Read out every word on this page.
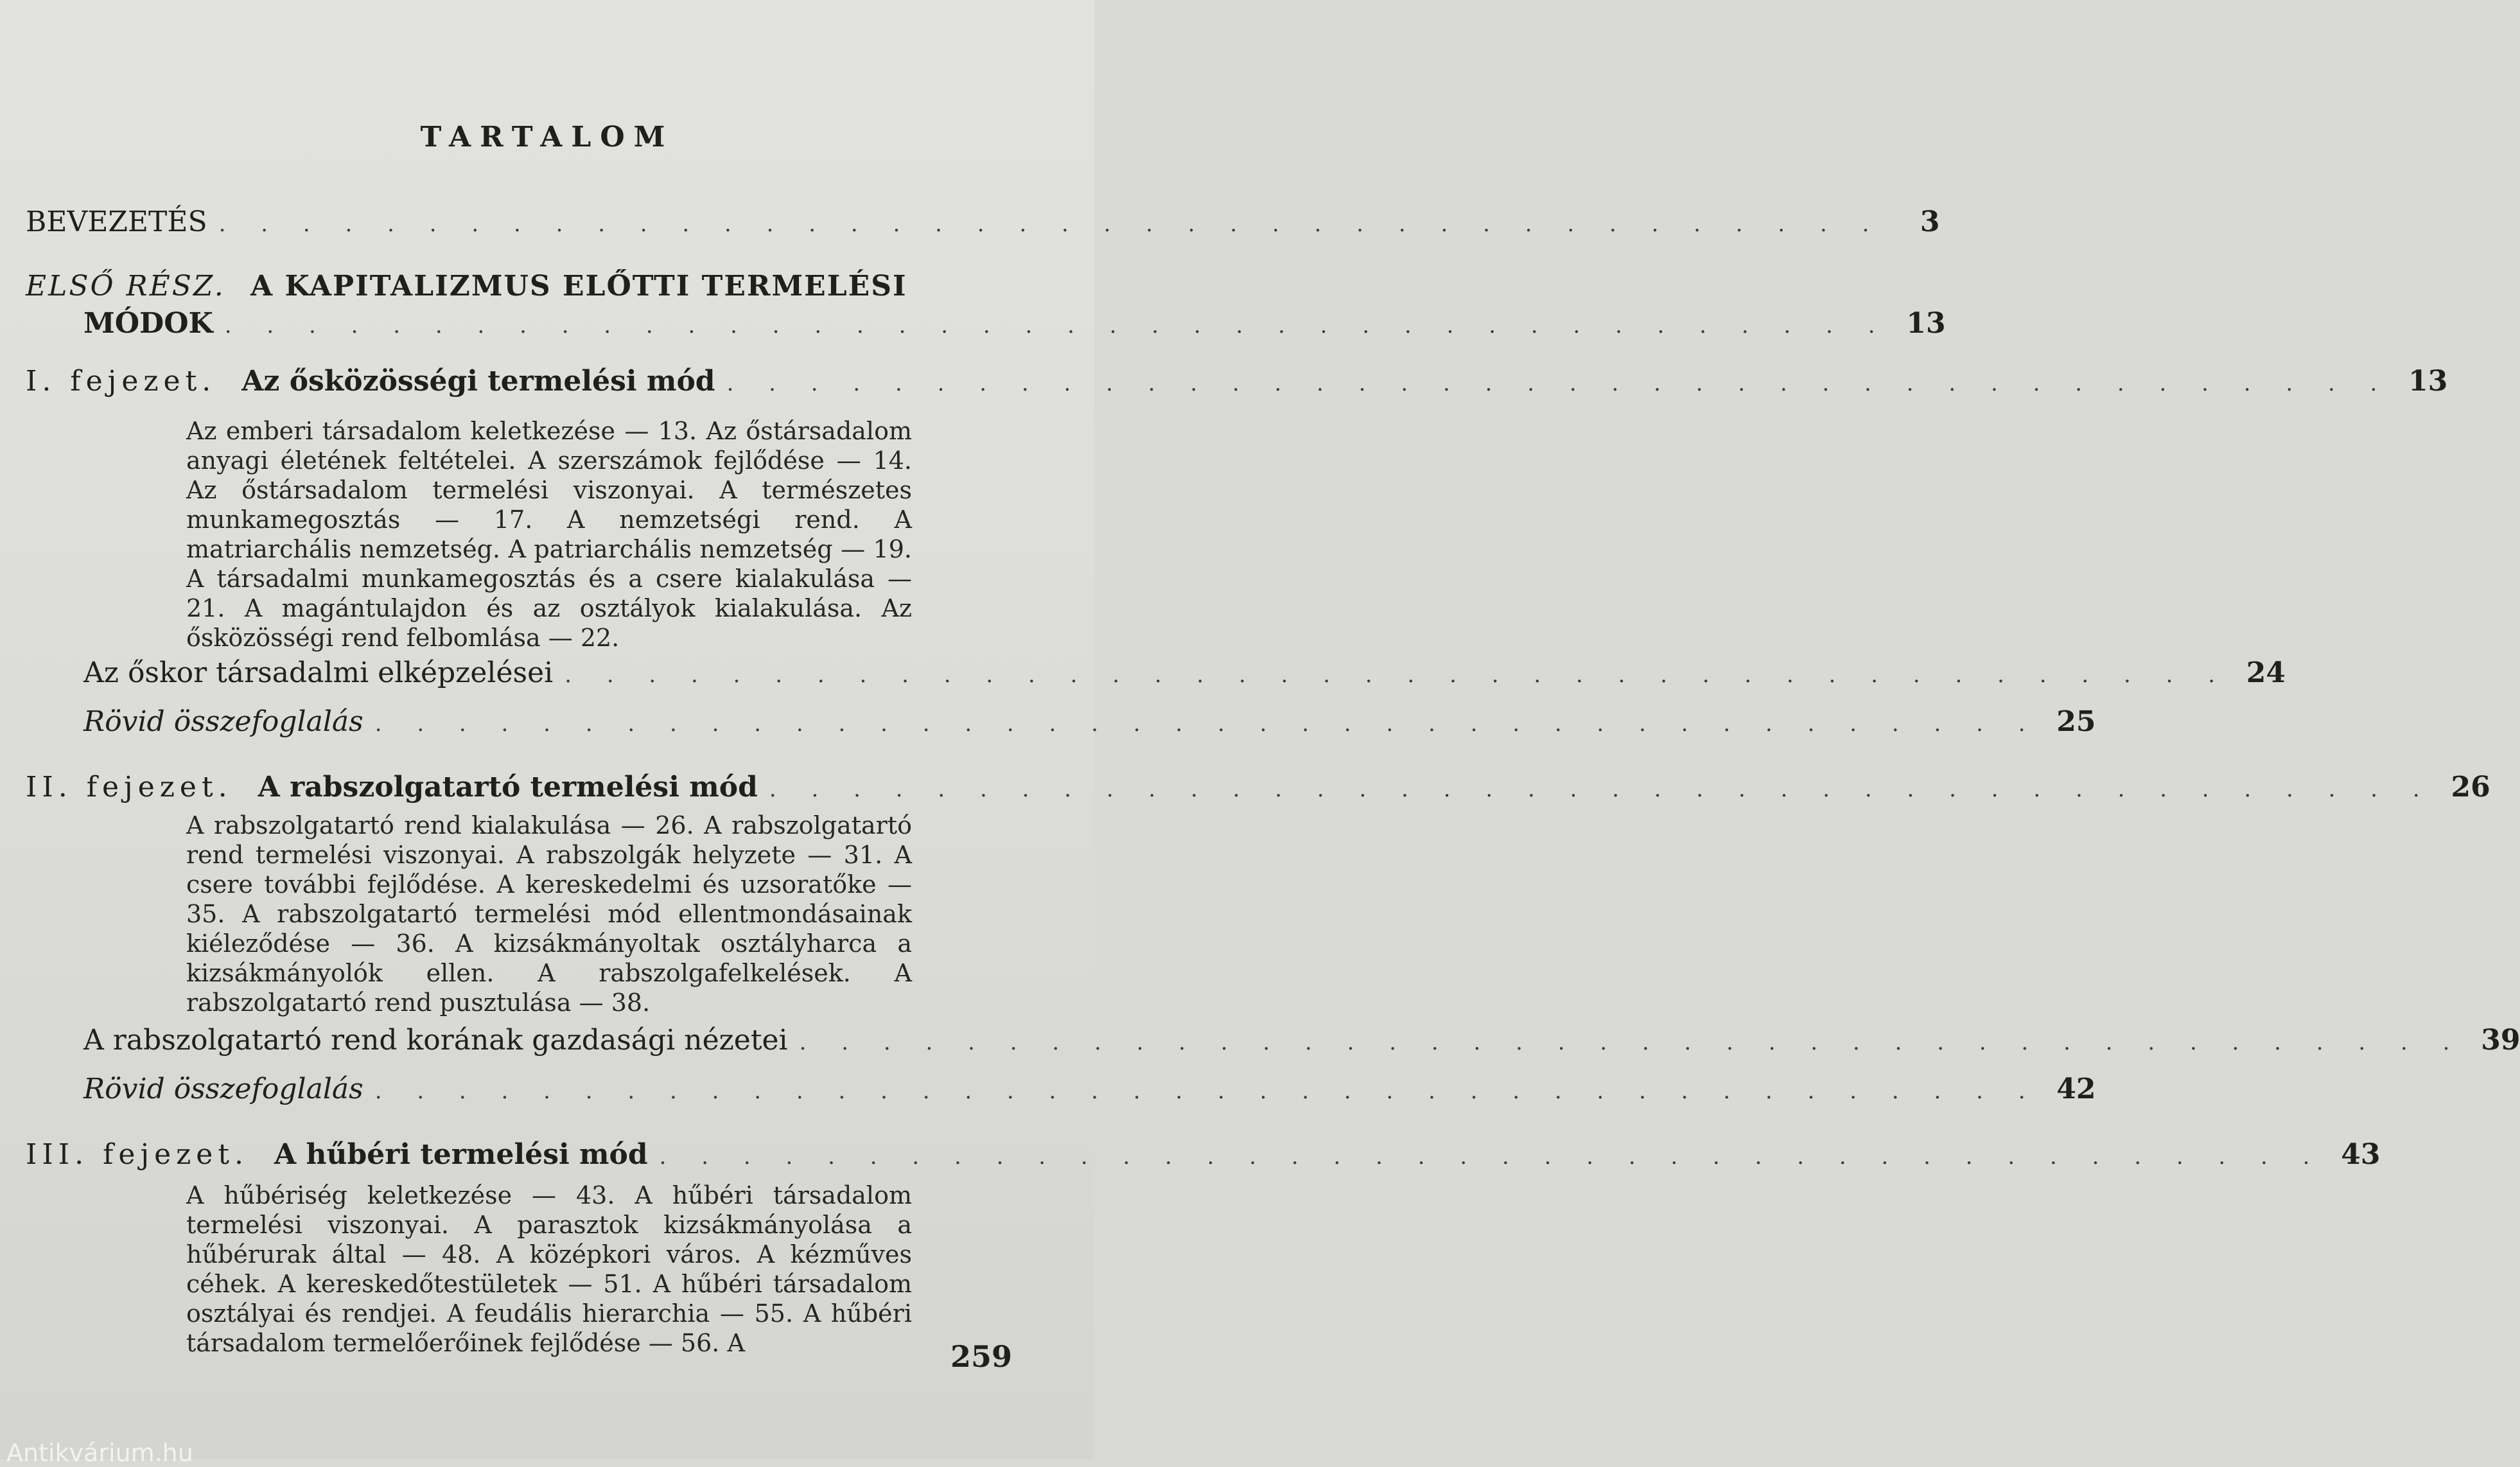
TARTALOM
BEVEZETÉS . . . . . . . . . . . . . . . . . . . . . . . . . . . . . . . . . . . . . . . .	3
ELSŐ RÉSZ. A KAPITALIZMUS ELŐTTI TERMELÉSI
MÓDOK . . . . . . . . . . . . . . . . . . . . . . . . . . . . . . . . . . . . . . . . 13
I. fejezet. Az ősközösségi termelési mód . . . . . . . . . . . . . . . . . . . . . . . . . . . . . . . . . . . . . . . . 13
Az emberi társadalom keletkezése — 13. Az őstársadalom anyagi életének feltételei. A szerszámok fejlődése — 14. Az őstársadalom termelési viszonyai. A természetes munkamegosztás — 17. A nemzetségi rend. A matriarchális nemzetség. A patriarchális nemzetség — 19. A társadalmi munkamegosztás és a csere kialakulása — 21. A magántulajdon és az osztályok kialakulása. Az ősközösségi rend felbomlása — 22.
Az őskor társadalmi elképzelései . . . . . . . . . . . . . . . . . . . . . . . . . . . . . . . . . . . . . . . . 24
Rövid összefoglalás . . . . . . . . . . . . . . . . . . . . . . . . . . . . . . . . . . . . . . . . 25
II. fejezet. A rabszolgatartó termelési mód . . . . . . . . . . . . . . . . . . . . . . . . . . . . . . . . . . . . . . . . 26
A rabszolgatartó rend kialakulása — 26. A rabszolgatartó rend termelési viszonyai. A rabszolgák helyzete — 31. A csere további fejlődése. A kereskedelmi és uzsoratőke — 35. A rabszolgatartó termelési mód ellentmondásainak kiéleződése — 36. A kizsákmányoltak osztályharca a kizsákmányolók ellen. A rabszolgafelkelések. A rabszolgatartó rend pusztulása — 38.
A rabszolgatartó rend korának gazdasági nézetei . . . . . . . . . . . . . . . . . . . . . . . . . . . . . . . . . . . . . . . . 39
Rövid összefoglalás . . . . . . . . . . . . . . . . . . . . . . . . . . . . . . . . . . . . . . . . 42
III. fejezet. A hűbéri termelési mód . . . . . . . . . . . . . . . . . . . . . . . . . . . . . . . . . . . . . . . . 43
A hűbériség keletkezése — 43. A hűbéri társadalom termelési viszonyai. A parasztok kizsákmányolása a hűbérurak által — 48. A középkori város. A kézműves céhek. A kereskedőtestületek — 51. A hűbéri társadalom osztályai és rendjei. A feudális hierarchia — 55. A hűbéri társadalom termelőerőinek fejlődése — 56. A	259
Antikvárium.hu
